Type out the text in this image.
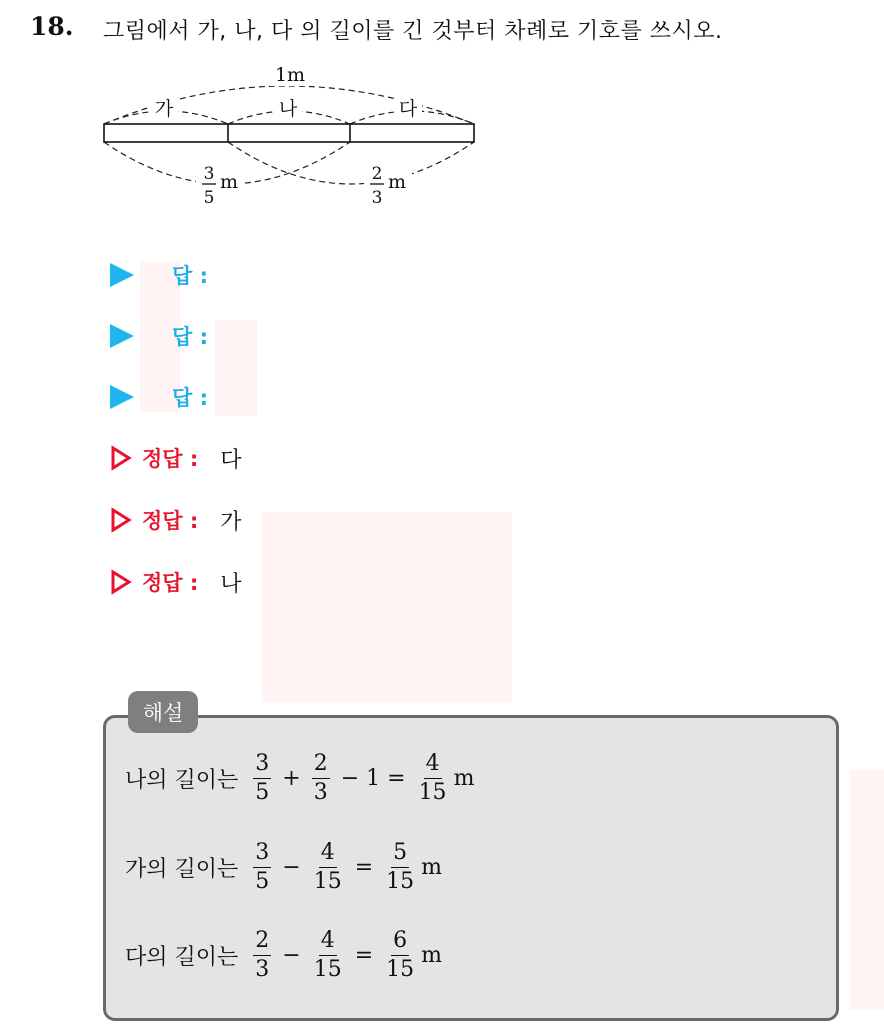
18. 그림에서 가, 나, 다 의 길이를 긴 것부터 차례로 기호를 쓰시오.
1m
가	나	다
3
5
m	2
3
m
답 :
답 :
답 :
정답 : 다
정답 : 가
정답 : 나
해설
나의 길이는 $\frac{3}{5} + \frac{2}{3} - 1 = \frac{4}{15}$ m
가의 길이는 $\frac{3}{5} - \frac{4}{15} = \frac{5}{15}$ m
다의 길이는 $\frac{2}{3} - \frac{4}{15} = \frac{6}{15}$ m
